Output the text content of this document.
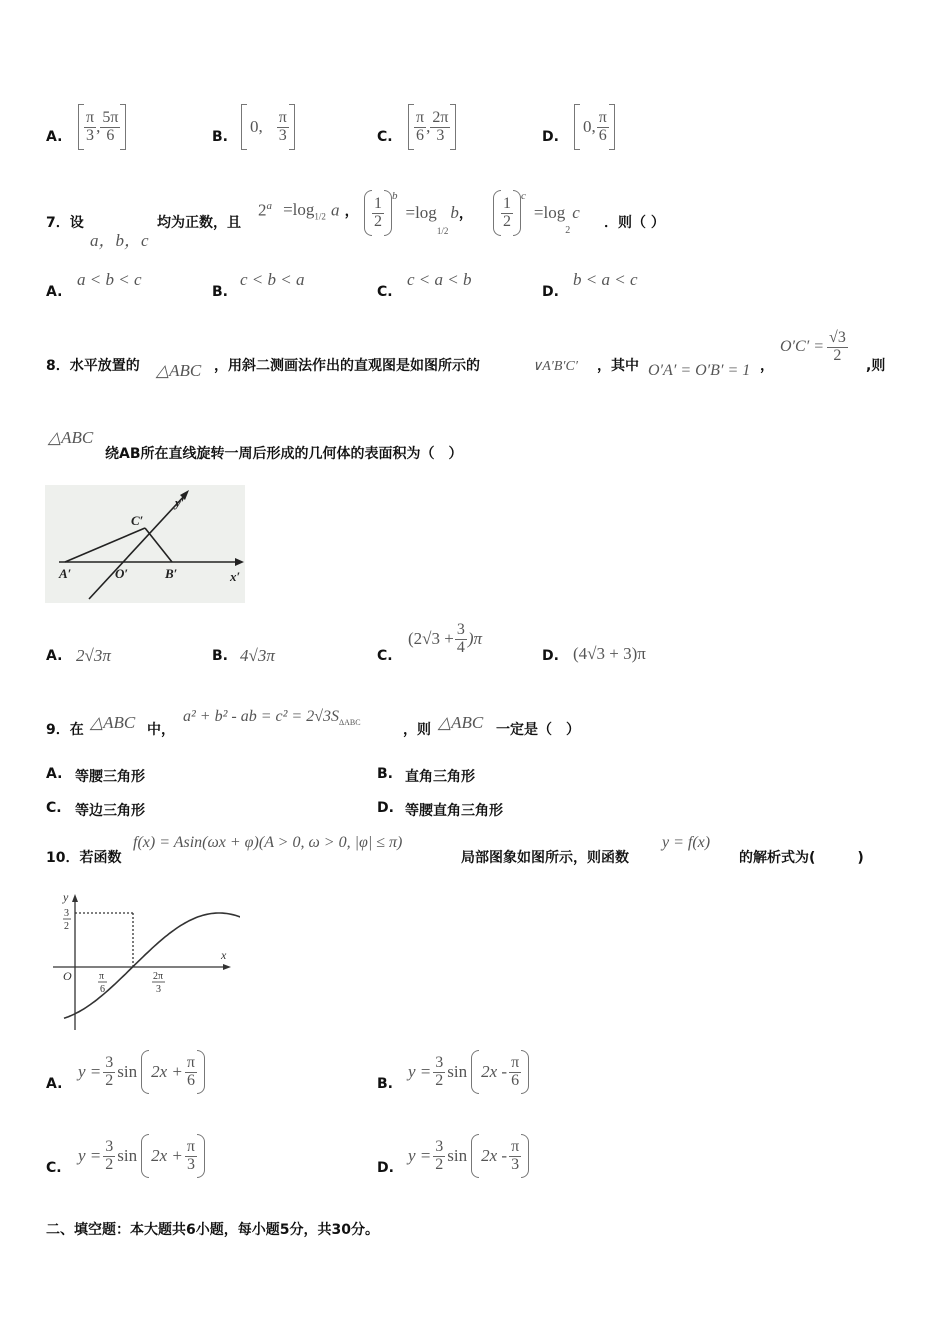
A. $\frac{\pi}{3}$ , $\frac{5\pi}{6}$	B.
0, $\frac{\pi}{3}$	C. $\frac{\pi}{6}$ , $\frac{2\pi}{3}$	D.
0, $\frac{\pi}{6}$
7．设
a，b，c
均为正数，且
$2^a =\log_{1/2}$ a ， $\frac{1}{2} ^b$
=log
1/2
b ， $\frac{1}{2} ^c$
=log
2
c
．则（ ）
A.
a < b < c
B.
c < b < a
C.
c < a < b
D.
b < a < c
8．水平放置的 △ABC ，用斜二测画法作出的直观图是如图所示的	∨A′B′C′ ，其中 O′A′ = O′B′ = 1 ，
$O'C' = \frac{√3}{2}$
,则
△ABC
绕AB所在直线旋转一周后形成的几何体的表面积为（　）
y′
x′
C′
A′	O′	B′
A. 2√3π	B. 4√3π	C.
$(2√3 + \frac{3}{4} )\pi$
D. (4√3 + 3)π
9．在 △ABC 中，
a² + b² - ab = $c^2 = 2√3S_{\Delta ABC}$	，则 △ABC 一定是（　）
A. 等腰三角形	B. 直角三角形
C. 等边三角形	D. 等腰直角三角形
10．若函数
f(x) = Asin(ωx + φ)(A > 0, ω > 0, |φ| ≤ π)
局部图象如图所示，则函数
y = f(x)
的解析式为(　　　)
y
x
O
3
2
π
6
2π
3
A.
$y = \frac{3}{2}$ $\sin 2x + \frac{\pi}{6}$	B.
$y = \frac{3}{2}$ $\sin 2x - \frac{\pi}{6}$
C.
$y = \frac{3}{2}$ $\sin 2x + \frac{\pi}{3}$	D.
$y = \frac{3}{2}$ $\sin 2x - \frac{\pi}{3}$
二、填空题：本大题共6小题，每小题5分，共30分。
